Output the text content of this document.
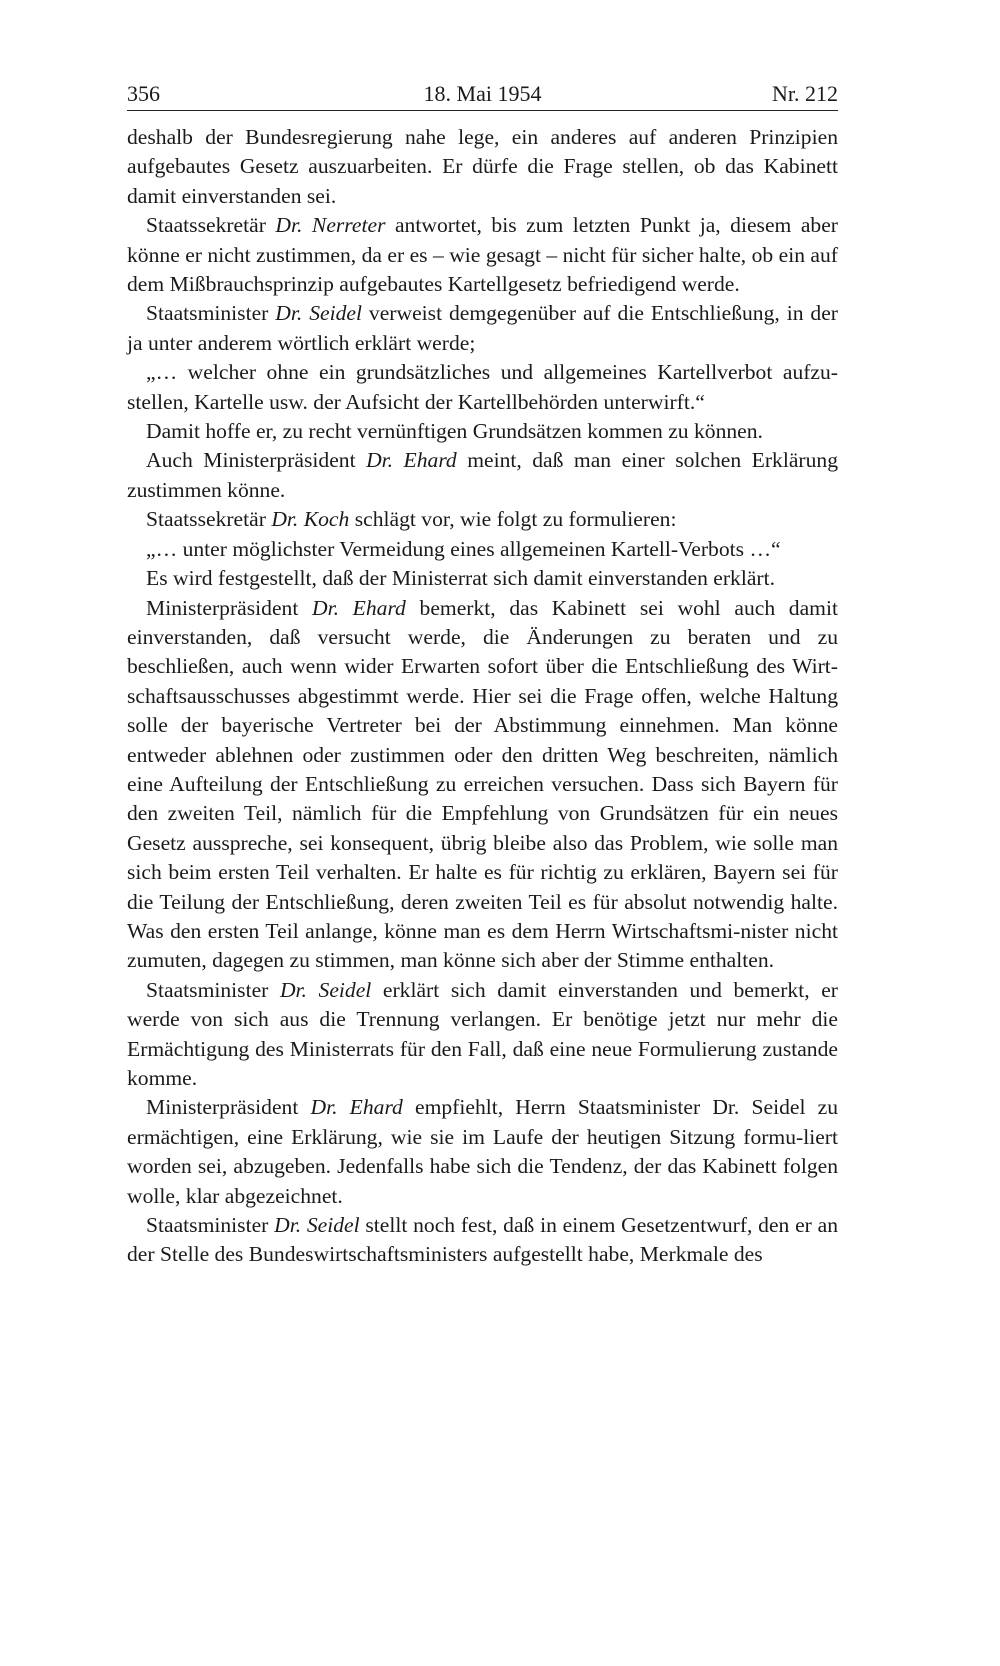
356	18. Mai 1954	Nr. 212

deshalb der Bundesregierung nahe lege, ein anderes auf anderen Prinzipien aufgebautes Gesetz auszuarbeiten. Er dürfe die Frage stellen, ob das Kabinett damit einverstanden sei.

Staatssekretär Dr. Nerreter antwortet, bis zum letzten Punkt ja, diesem aber könne er nicht zustimmen, da er es – wie gesagt – nicht für sicher halte, ob ein auf dem Mißbrauchsprinzip aufgebautes Kartellgesetz befriedigend werde.

Staatsminister Dr. Seidel verweist demgegenüber auf die Entschließung, in der ja unter anderem wörtlich erklärt werde;

„… welcher ohne ein grundsätzliches und allgemeines Kartellverbot aufzu-stellen, Kartelle usw. der Aufsicht der Kartellbehörden unterwirft.“

Damit hoffe er, zu recht vernünftigen Grundsätzen kommen zu können.

Auch Ministerpräsident Dr. Ehard meint, daß man einer solchen Erklärung zustimmen könne.

Staatssekretär Dr. Koch schlägt vor, wie folgt zu formulieren:

„… unter möglichster Vermeidung eines allgemeinen Kartell-Verbots …“

Es wird festgestellt, daß der Ministerrat sich damit einverstanden erklärt.

Ministerpräsident Dr. Ehard bemerkt, das Kabinett sei wohl auch damit einverstanden, daß versucht werde, die Änderungen zu beraten und zu beschließen, auch wenn wider Erwarten sofort über die Entschließung des Wirt-schaftsausschusses abgestimmt werde. Hier sei die Frage offen, welche Haltung solle der bayerische Vertreter bei der Abstimmung einnehmen. Man könne entweder ablehnen oder zustimmen oder den dritten Weg beschreiten, nämlich eine Aufteilung der Entschließung zu erreichen versuchen. Dass sich Bayern für den zweiten Teil, nämlich für die Empfehlung von Grundsätzen für ein neues Gesetz ausspreche, sei konsequent, übrig bleibe also das Problem, wie solle man sich beim ersten Teil verhalten. Er halte es für richtig zu erklären, Bayern sei für die Teilung der Entschließung, deren zweiten Teil es für absolut notwendig halte. Was den ersten Teil anlange, könne man es dem Herrn Wirtschaftsmi-nister nicht zumuten, dagegen zu stimmen, man könne sich aber der Stimme enthalten.

Staatsminister Dr. Seidel erklärt sich damit einverstanden und bemerkt, er werde von sich aus die Trennung verlangen. Er benötige jetzt nur mehr die Ermächtigung des Ministerrats für den Fall, daß eine neue Formulierung zustande komme.

Ministerpräsident Dr. Ehard empfiehlt, Herrn Staatsminister Dr. Seidel zu ermächtigen, eine Erklärung, wie sie im Laufe der heutigen Sitzung formu-liert worden sei, abzugeben. Jedenfalls habe sich die Tendenz, der das Kabinett folgen wolle, klar abgezeichnet.

Staatsminister Dr. Seidel stellt noch fest, daß in einem Gesetzentwurf, den er an der Stelle des Bundeswirtschaftsministers aufgestellt habe, Merkmale des
